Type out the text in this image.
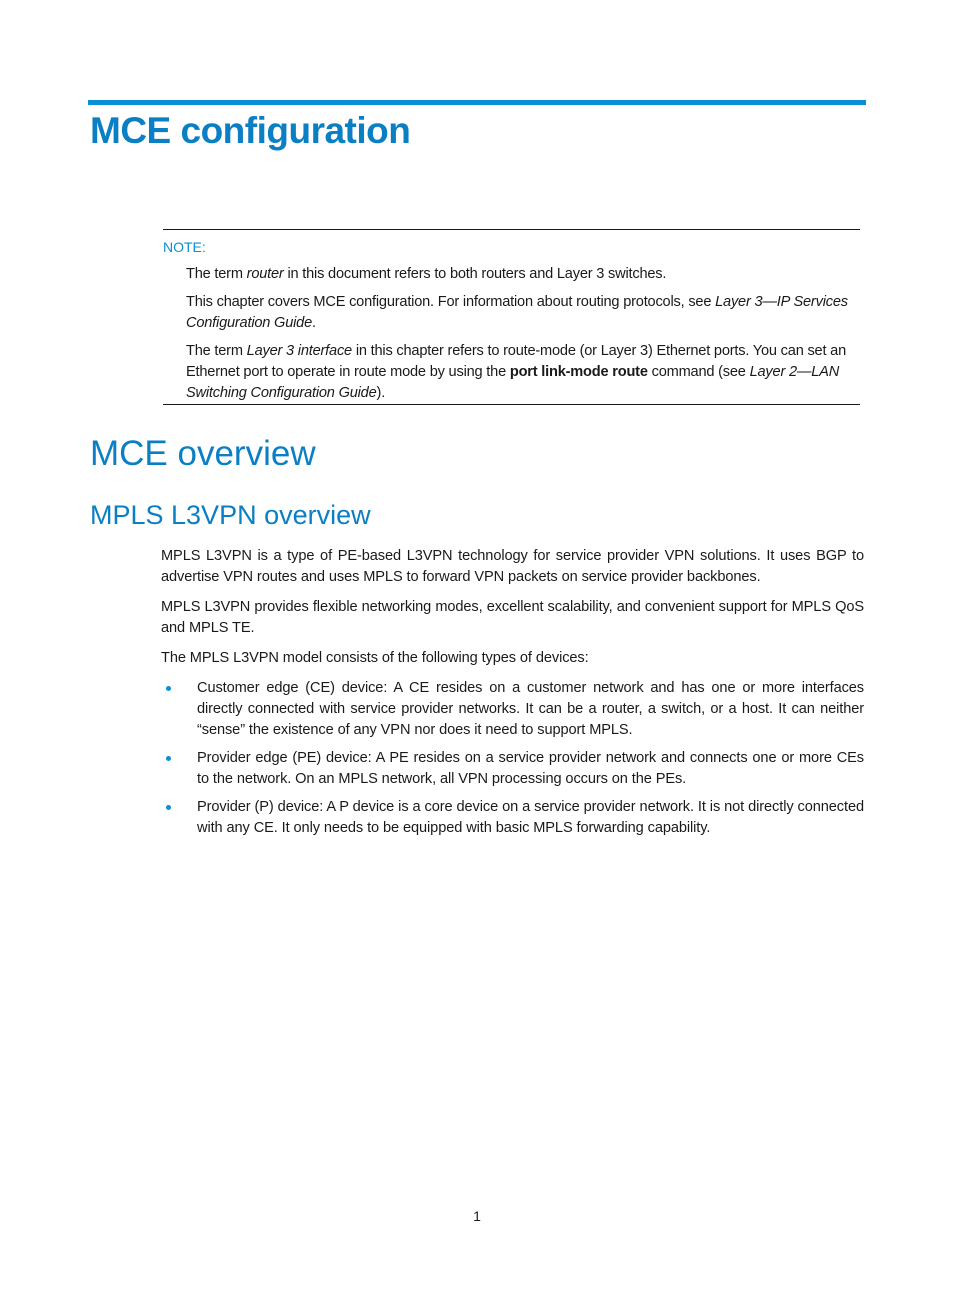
MCE configuration
NOTE:

The term router in this document refers to both routers and Layer 3 switches.

This chapter covers MCE configuration. For information about routing protocols, see Layer 3—IP Services Configuration Guide.

The term Layer 3 interface in this chapter refers to route-mode (or Layer 3) Ethernet ports. You can set an Ethernet port to operate in route mode by using the port link-mode route command (see Layer 2—LAN Switching Configuration Guide).

MCE overview
MPLS L3VPN overview

MPLS L3VPN is a type of PE-based L3VPN technology for service provider VPN solutions. It uses BGP to advertise VPN routes and uses MPLS to forward VPN packets on service provider backbones.

MPLS L3VPN provides flexible networking modes, excellent scalability, and convenient support for MPLS QoS and MPLS TE.

The MPLS L3VPN model consists of the following types of devices:

Customer edge (CE) device: A CE resides on a customer network and has one or more interfaces directly connected with service provider networks. It can be a router, a switch, or a host. It can neither “sense” the existence of any VPN nor does it need to support MPLS.
Provider edge (PE) device: A PE resides on a service provider network and connects one or more CEs to the network. On an MPLS network, all VPN processing occurs on the PEs.
Provider (P) device: A P device is a core device on a service provider network. It is not directly connected with any CE. It only needs to be equipped with basic MPLS forwarding capability.
1
